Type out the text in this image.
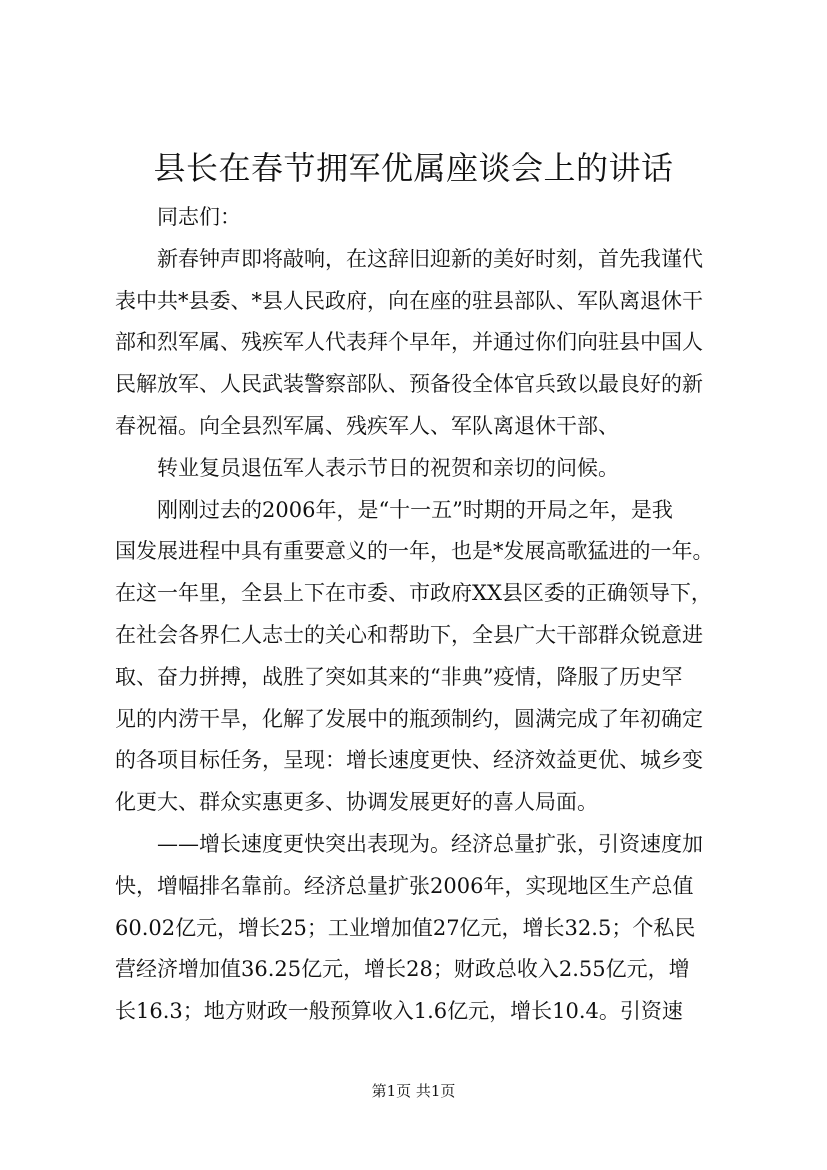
县长在春节拥军优属座谈会上的讲话
同志们：
新春钟声即将敲响，在这辞旧迎新的美好时刻，首先我谨代
表中共*县委、*县人民政府，向在座的驻县部队、军队离退休干
部和烈军属、残疾军人代表拜个早年，并通过你们向驻县中国人
民解放军、人民武装警察部队、预备役全体官兵致以最良好的新
春祝福。向全县烈军属、残疾军人、军队离退休干部、
转业复员退伍军人表示节日的祝贺和亲切的问候。
刚刚过去的2006年，是“十一五”时期的开局之年，是我
国发展进程中具有重要意义的一年，也是*发展高歌猛进的一年。
在这一年里，全县上下在市委、市政府XX县区委的正确领导下，
在社会各界仁人志士的关心和帮助下，全县广大干部群众锐意进
取、奋力拼搏，战胜了突如其来的“非典”疫情，降服了历史罕
见的内涝干旱，化解了发展中的瓶颈制约，圆满完成了年初确定
的各项目标任务，呈现：增长速度更快、经济效益更优、城乡变
化更大、群众实惠更多、协调发展更好的喜人局面。
——增长速度更快突出表现为。经济总量扩张，引资速度加
快，增幅排名靠前。经济总量扩张2006年，实现地区生产总值
60.02亿元，增长25；工业增加值27亿元，增长32.5；个私民
营经济增加值36.25亿元，增长28；财政总收入2.55亿元，增
长16.3；地方财政一般预算收入1.6亿元，增长10.4。引资速
第1页 共1页
